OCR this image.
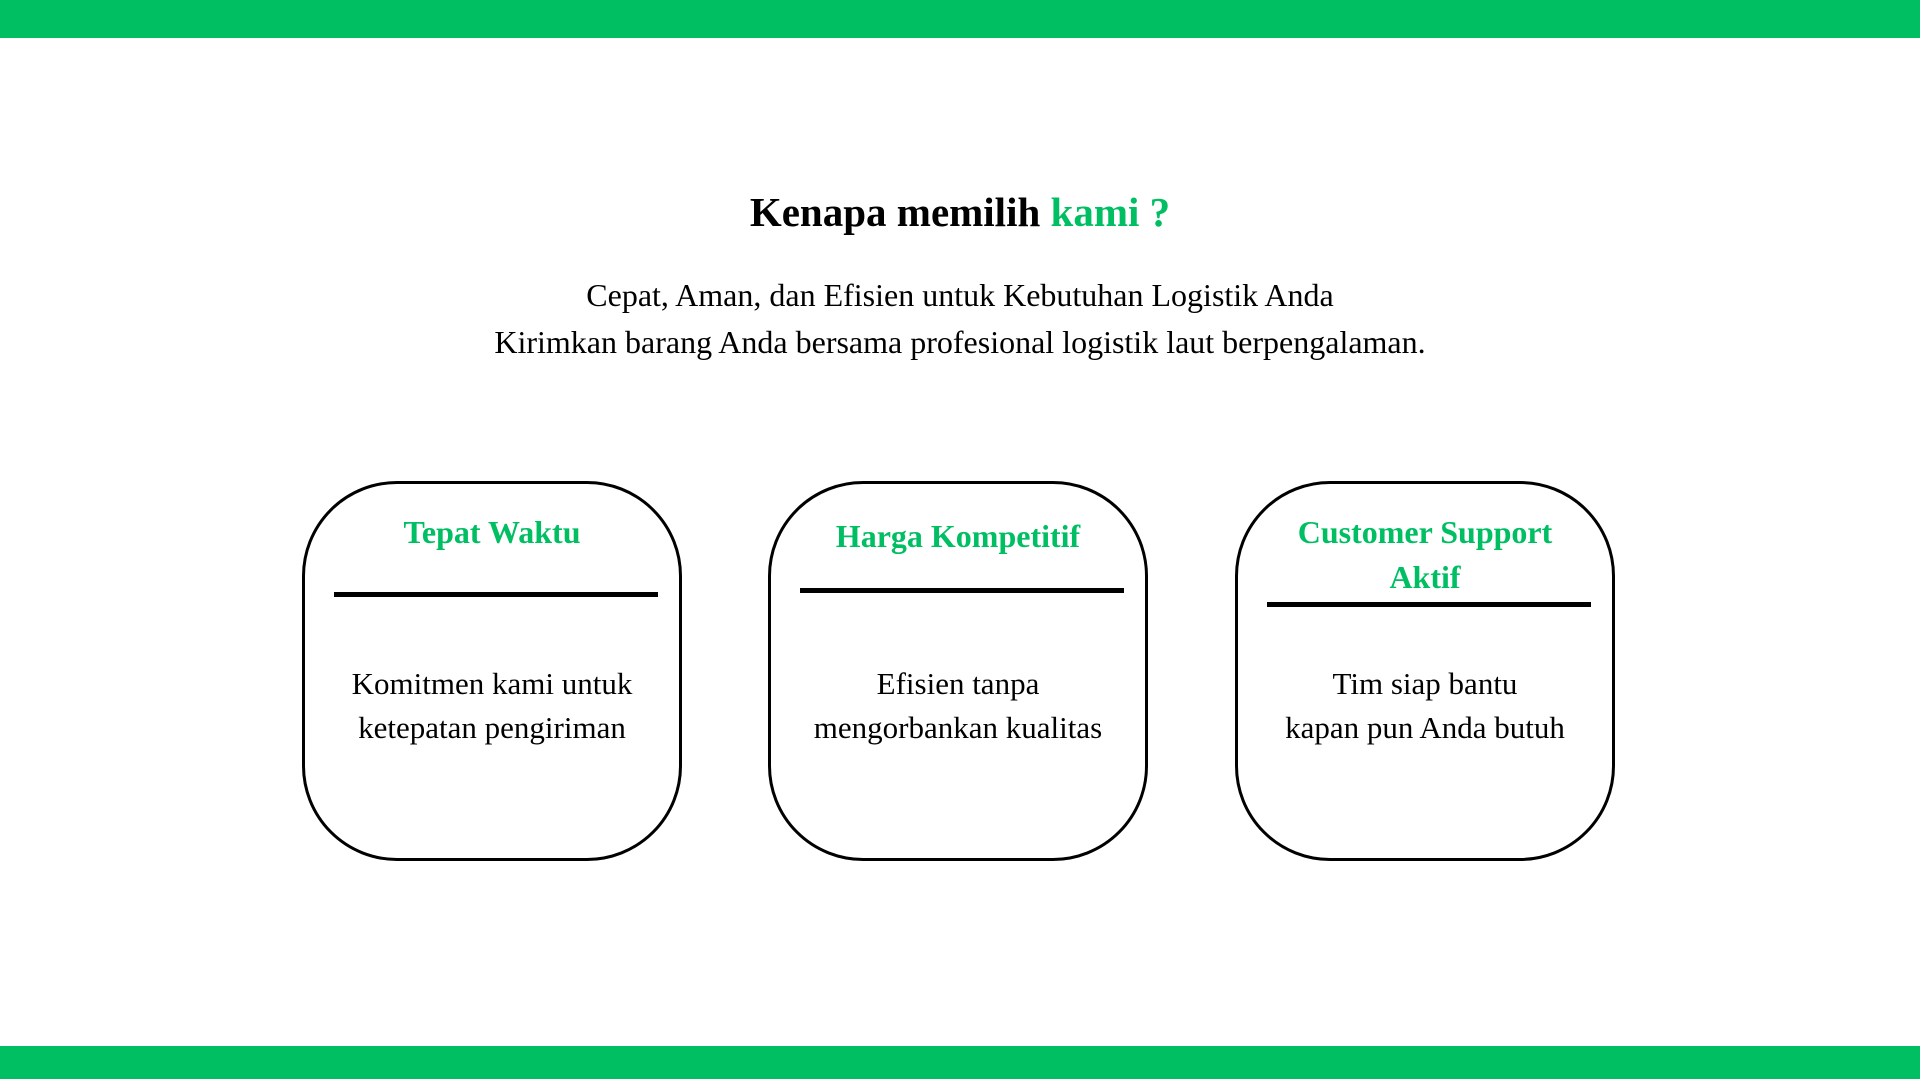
Kenapa memilih kami ?
Cepat, Aman, dan Efisien untuk Kebutuhan Logistik Anda
Kirimkan barang Anda bersama profesional logistik laut berpengalaman.
Tepat Waktu
Komitmen kami untuk
ketepatan pengiriman
Harga Kompetitif
Efisien tanpa
mengorbankan kualitas
Customer Support
Aktif
Tim siap bantu
kapan pun Anda butuh
